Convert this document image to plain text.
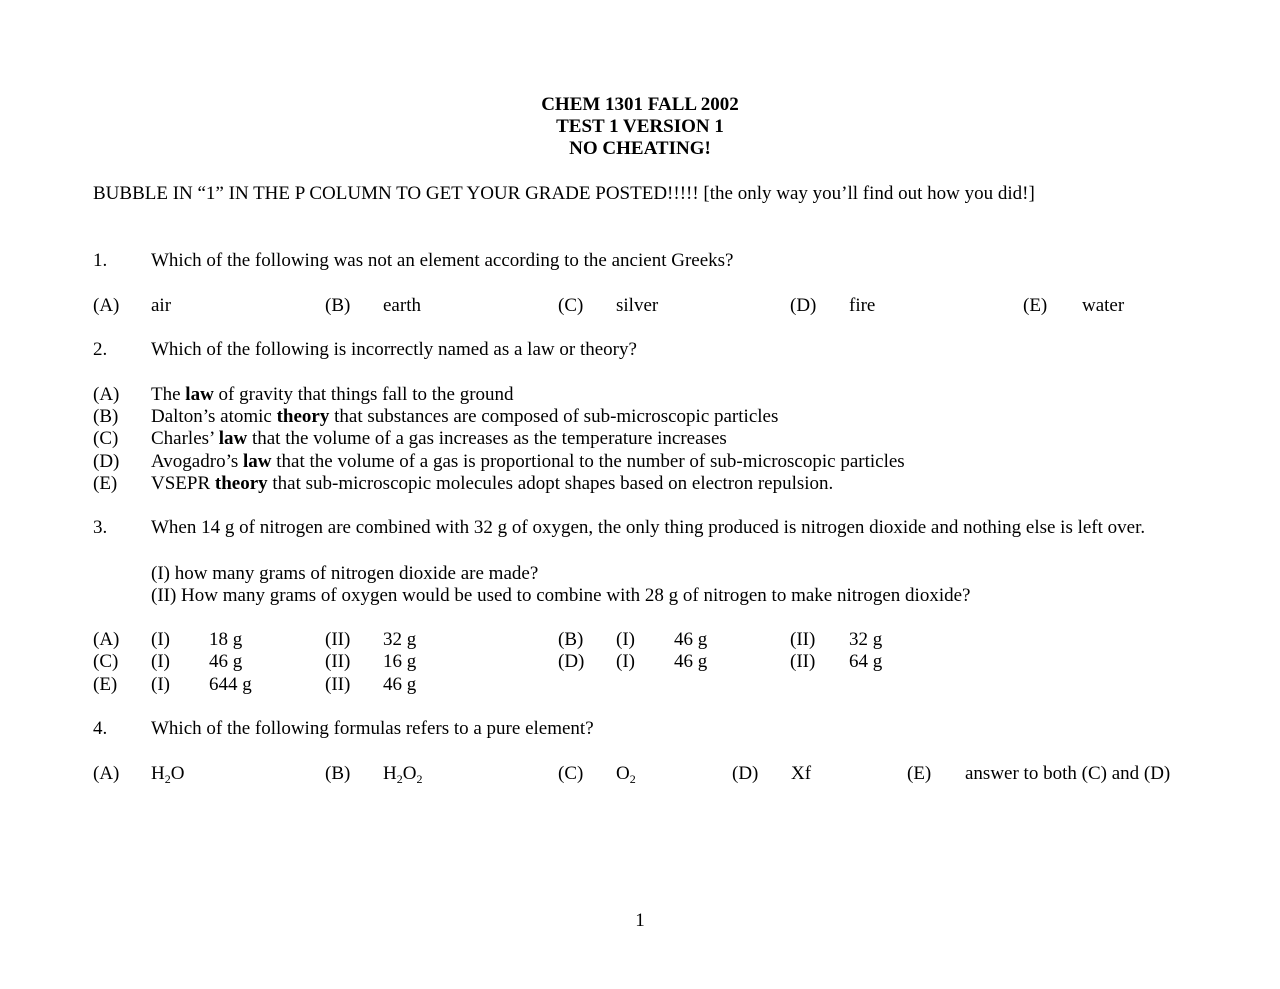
CHEM 1301 FALL 2002
TEST 1 VERSION 1
NO CHEATING!
BUBBLE IN “1” IN THE P COLUMN TO GET YOUR GRADE POSTED!!!!! [the only way you’ll find out how you did!]
1. Which of the following was not an element according to the ancient Greeks?
(A) air	(B) earth	(C) silver	(D) fire	(E) water
2. Which of the following is incorrectly named as a law or theory?
(A) The law of gravity that things fall to the ground
(B) Dalton’s atomic theory that substances are composed of sub-microscopic particles
(C) Charles’ law that the volume of a gas increases as the temperature increases
(D) Avogadro’s law that the volume of a gas is proportional to the number of sub-microscopic particles
(E) VSEPR theory that sub-microscopic molecules adopt shapes based on electron repulsion.
3. When 14 g of nitrogen are combined with 32 g of oxygen, the only thing produced is nitrogen dioxide and nothing else is left over.
(I) how many grams of nitrogen dioxide are made?
(II) How many grams of oxygen would be used to combine with 28 g of nitrogen to make nitrogen dioxide?
(A) (I) 18 g	(II) 32 g	(B) (I) 46 g	(II) 32 g
(C) (I) 46 g	(II) 16 g	(D) (I) 46 g	(II) 64 g
(E) (I) 644 g	(II) 46 g
4. Which of the following formulas refers to a pure element?
(A) $H_2O$	(B) $H_2O_2$	(C) $O_2$	(D) Xf	(E) answer to both (C) and (D)
1
